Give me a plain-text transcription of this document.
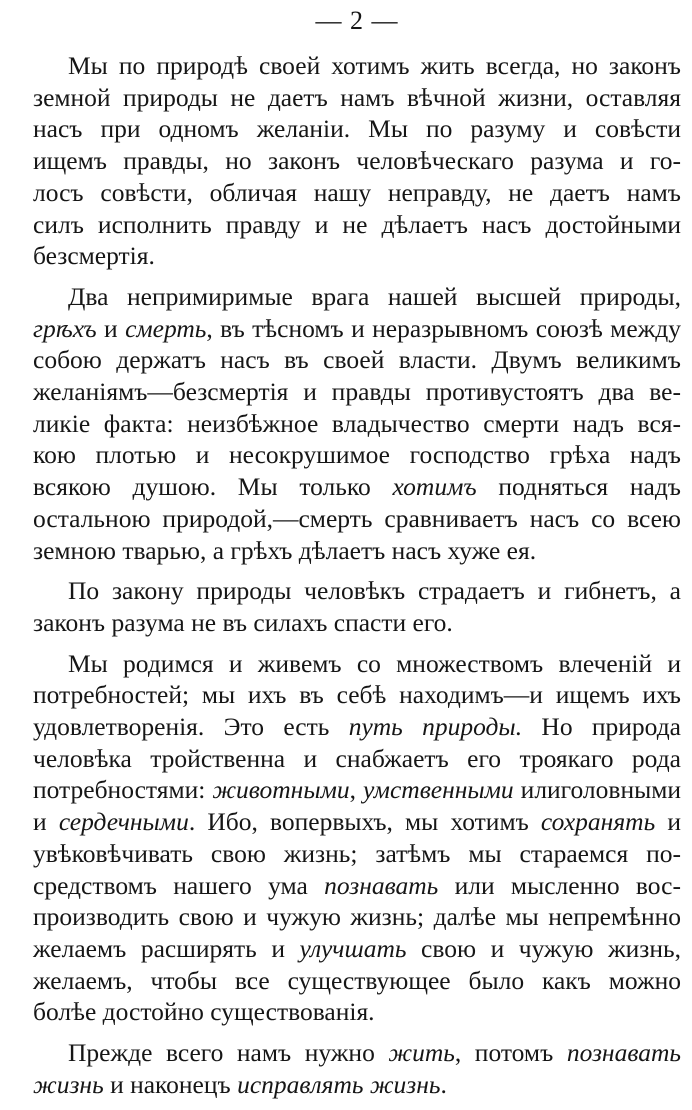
— 2 —
Мы по природѣ своей хотимъ жить всегда, но законъ
земной природы не даетъ намъ вѣчной жизни, оставляя
насъ при одномъ желаніи. Мы по разуму и совѣсти
ищемъ правды, но законъ человѣческаго разума и го-
лосъ совѣсти, обличая нашу неправду, не даетъ намъ
силъ исполнить правду и не дѣлаетъ насъ достойными
безсмертія.
Два непримиримые врага нашей высшей природы,
грѣхъ и смерть, въ тѣсномъ и неразрывномъ союзѣ между
собою держатъ насъ въ своей власти. Двумъ великимъ
желаніямъ—безсмертія и правды противустоятъ два ве-
ликіе факта: неизбѣжное владычество смерти надъ вся-
кою плотью и несокрушимое господство грѣха надъ
всякою душою. Мы только хотимъ подняться надъ
остальною природой,—смерть сравниваетъ насъ со всею
земною тварью, а грѣхъ дѣлаетъ насъ хуже ея.
По закону природы человѣкъ страдаетъ и гибнетъ, а
законъ разума не въ силахъ спасти его.
Мы родимся и живемъ со множествомъ влеченій и
потребностей; мы ихъ въ себѣ находимъ—и ищемъ ихъ
удовлетворенія. Это есть путь природы. Но природа
человѣка тройственна и снабжаетъ его троякаго рода
потребностями: животными, умственными илиголовными
и сердечными. Ибо, вопервыхъ, мы хотимъ сохранять и
увѣковѣчивать свою жизнь; затѣмъ мы стараемся по-
средствомъ нашего ума познавать или мысленно вос-
производить свою и чужую жизнь; далѣе мы непремѣнно
желаемъ расширять и улучшать свою и чужую жизнь,
желаемъ, чтобы все существующее было какъ можно
болѣе достойно существованія.
Прежде всего намъ нужно жить, потомъ познавать
жизнь и наконецъ исправлять жизнь.
